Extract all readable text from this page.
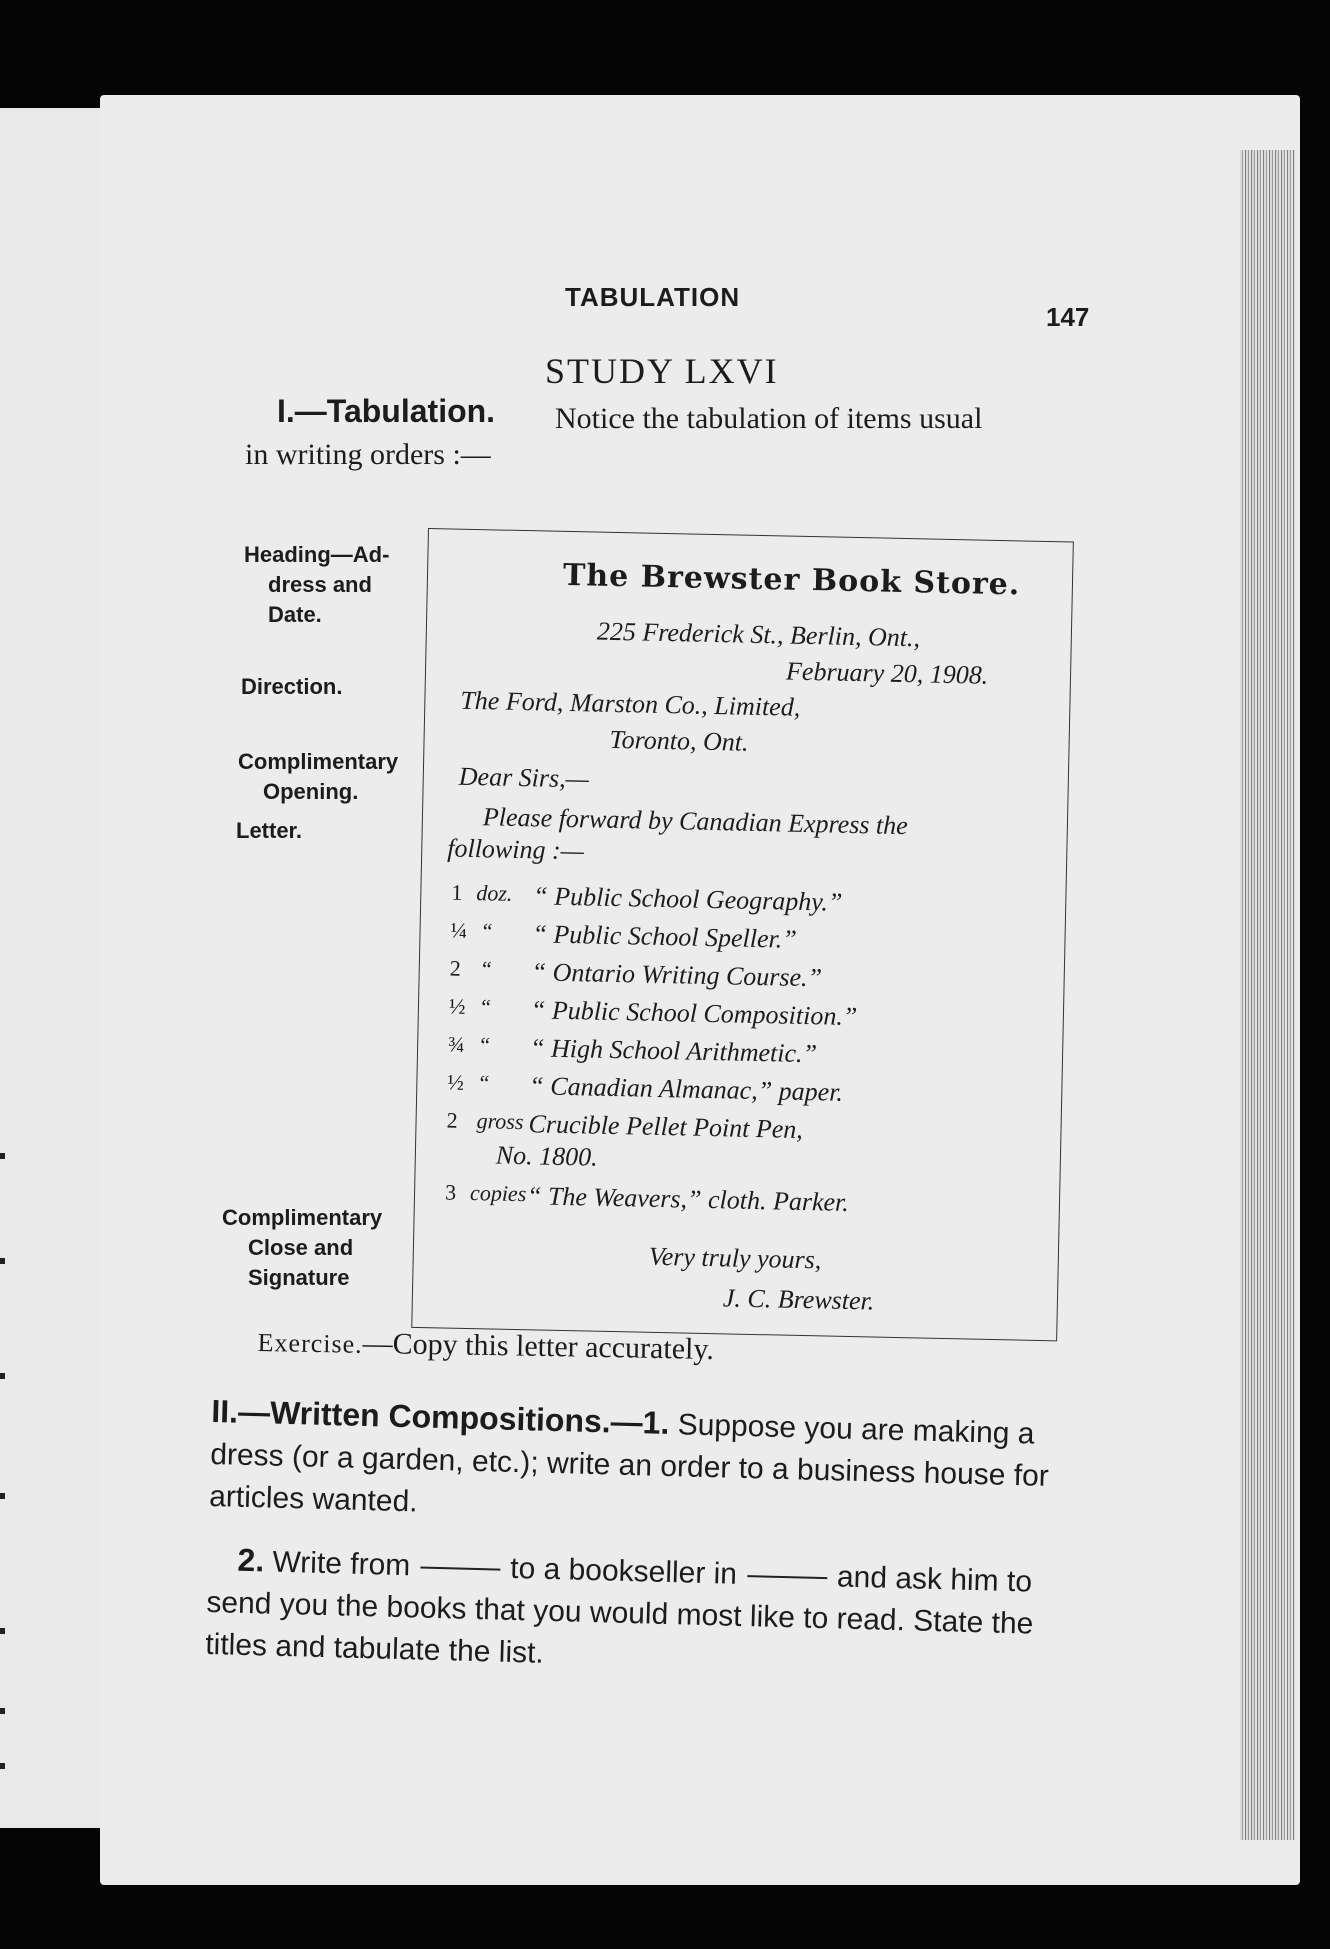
TABULATION
147
STUDY LXVI
I.—Tabulation. Notice the tabulation of items usual
in writing orders :—
Heading—Ad-
dress and
Date.
Direction.
Complimentary
Opening.
Letter.
Complimentary
Close and
Signature
The Brewster Book Store.
225 Frederick St., Berlin, Ont.,
February 20, 1908.
The Ford, Marston Co., Limited,
Toronto, Ont.
Dear Sirs,—
Please forward by Canadian Express the
following :—
1 doz. “ Public School Geography.”
¼ “ “ Public School Speller.”
2 “ “ Ontario Writing Course.”
½ “ “ Public School Composition.”
¾ “ “ High School Arithmetic.”
½ “ “ Canadian Almanac,” paper.
2 gross Crucible Pellet Point Pen,
No. 1800.
3 copies “ The Weavers,” cloth. Parker.
Very truly yours,
J. C. Brewster.
Exercise.—Copy this letter accurately.

II.—Written Compositions.—1. Suppose you are making a dress (or a garden, etc.); write an order to a business house for articles wanted.

2. Write from	to a bookseller in	and ask him to send you the books that you would most like to read. State the titles and tabulate the list.
